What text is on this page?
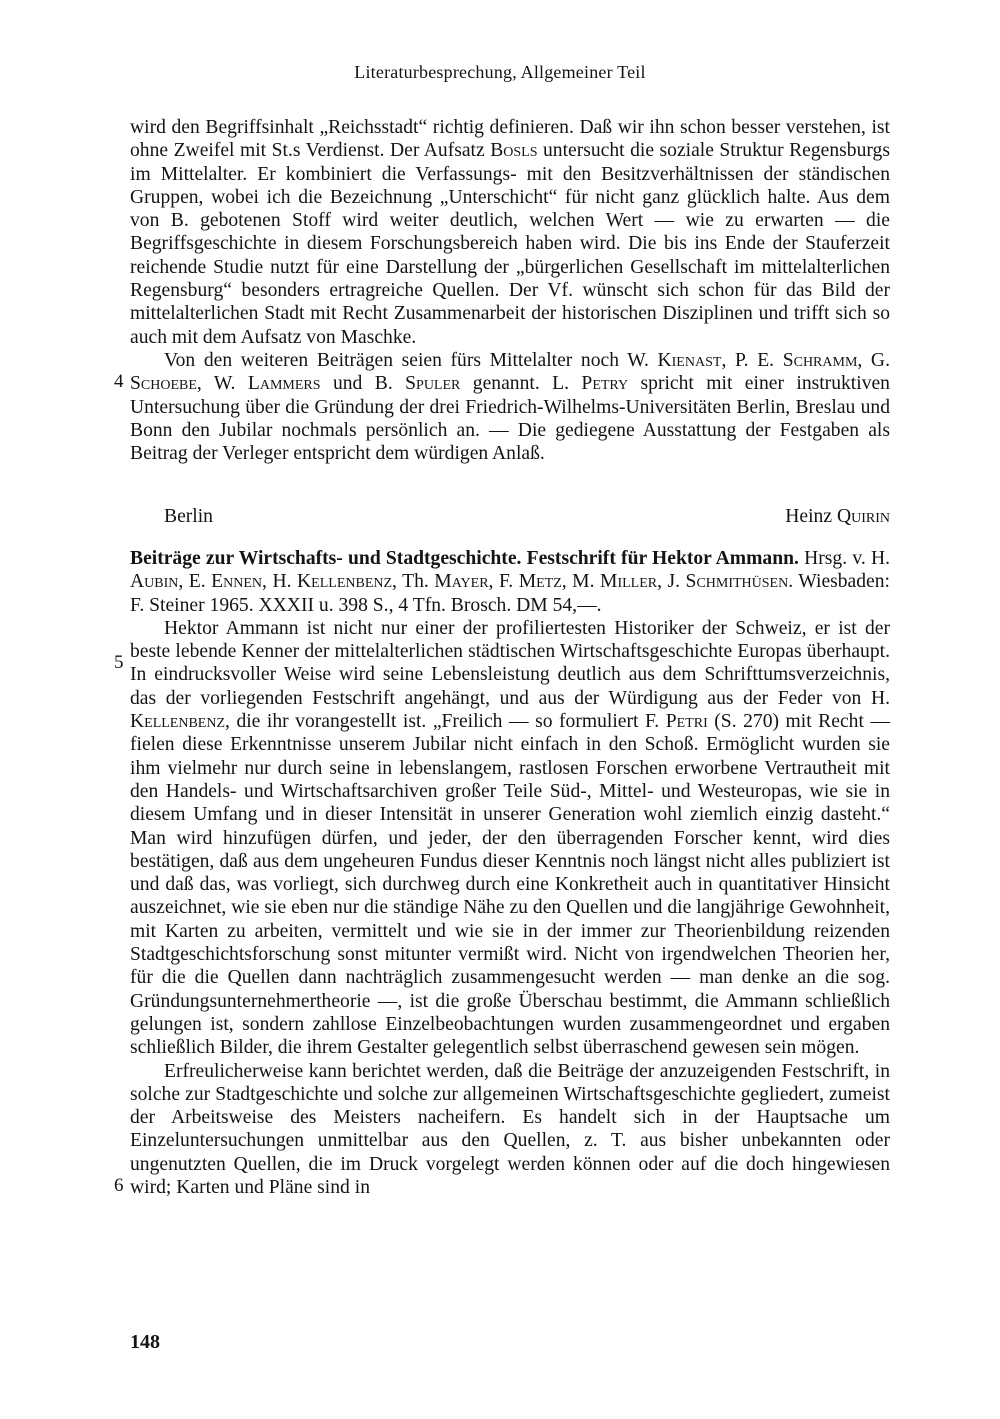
Literaturbesprechung, Allgemeiner Teil

wird den Begriffsinhalt „Reichsstadt“ richtig definieren. Daß wir ihn schon besser verstehen, ist ohne Zweifel mit St.s Verdienst. Der Aufsatz Bosls untersucht die soziale Struktur Regensburgs im Mittelalter. Er kombiniert die Verfassungs- mit den Besitzverhältnissen der ständischen Gruppen, wobei ich die Bezeichnung „Unterschicht“ für nicht ganz glücklich halte. Aus dem von B. gebotenen Stoff wird weiter deutlich, welchen Wert — wie zu erwarten — die Begriffsgeschichte in diesem Forschungsbereich haben wird. Die bis ins Ende der Stauferzeit reichende Studie nutzt für eine Darstellung der „bürgerlichen Gesellschaft im mittelalterlichen Regensburg“ besonders ertragreiche Quellen. Der Vf. wünscht sich schon für das Bild der mittelalterlichen Stadt mit Recht Zusammenarbeit der historischen Disziplinen und trifft sich so auch mit dem Aufsatz von Maschke.

Von den weiteren Beiträgen seien fürs Mittelalter noch W. Kienast, P. E. Schramm, G. Schoebe, W. Lammers und B. Spuler genannt. L. Petry spricht mit einer instruktiven Untersuchung über die Gründung der drei Friedrich-Wilhelms-Universitäten Berlin, Breslau und Bonn den Jubilar nochmals persönlich an. — Die gediegene Ausstattung der Festgaben als Beitrag der Verleger entspricht dem würdigen Anlaß.

4
Berlin	Heinz Quirin

Beiträge zur Wirtschafts- und Stadtgeschichte. Festschrift für Hektor Ammann. Hrsg. v. H. Aubin, E. Ennen, H. Kellenbenz, Th. Mayer, F. Metz, M. Miller, J. Schmithüsen. Wiesbaden: F. Steiner 1965. XXXII u. 398 S., 4 Tfn. Brosch. DM 54,—.

Hektor Ammann ist nicht nur einer der profiliertesten Historiker der Schweiz, er ist der beste lebende Kenner der mittelalterlichen städtischen Wirtschaftsgeschichte Europas überhaupt. In eindrucksvoller Weise wird seine Lebensleistung deutlich aus dem Schrifttumsverzeichnis, das der vorliegenden Festschrift angehängt, und aus der Würdigung aus der Feder von H. Kellenbenz, die ihr vorangestellt ist. „Freilich — so formuliert F. Petri (S. 270) mit Recht — fielen diese Erkenntnisse unserem Jubilar nicht einfach in den Schoß. Ermöglicht wurden sie ihm vielmehr nur durch seine in lebenslangem, rastlosen Forschen erworbene Vertrautheit mit den Handels- und Wirtschaftsarchiven großer Teile Süd-, Mittel- und Westeuropas, wie sie in diesem Umfang und in dieser Intensität in unserer Generation wohl ziemlich einzig dasteht.“ Man wird hinzufügen dürfen, und jeder, der den überragenden Forscher kennt, wird dies bestätigen, daß aus dem ungeheuren Fundus dieser Kenntnis noch längst nicht alles publiziert ist und daß das, was vorliegt, sich durchweg durch eine Konkretheit auch in quantitativer Hinsicht auszeichnet, wie sie eben nur die ständige Nähe zu den Quellen und die langjährige Gewohnheit, mit Karten zu arbeiten, vermittelt und wie sie in der immer zur Theorienbildung reizenden Stadtgeschichtsforschung sonst mitunter vermißt wird. Nicht von irgendwelchen Theorien her, für die die Quellen dann nachträglich zusammengesucht werden — man denke an die sog. Gründungsunternehmertheorie —, ist die große Überschau bestimmt, die Ammann schließlich gelungen ist, sondern zahllose Einzelbeobachtungen wurden zusammengeordnet und ergaben schließlich Bilder, die ihrem Gestalter gelegentlich selbst überraschend gewesen sein mögen.

Erfreulicherweise kann berichtet werden, daß die Beiträge der anzuzeigenden Festschrift, in solche zur Stadtgeschichte und solche zur allgemeinen Wirtschaftsgeschichte gegliedert, zumeist der Arbeitsweise des Meisters nacheifern. Es handelt sich in der Hauptsache um Einzeluntersuchungen unmittelbar aus den Quellen, z. T. aus bisher unbekannten oder ungenutzten Quellen, die im Druck vorgelegt werden können oder auf die doch hingewiesen wird; Karten und Pläne sind in

5
6
148
